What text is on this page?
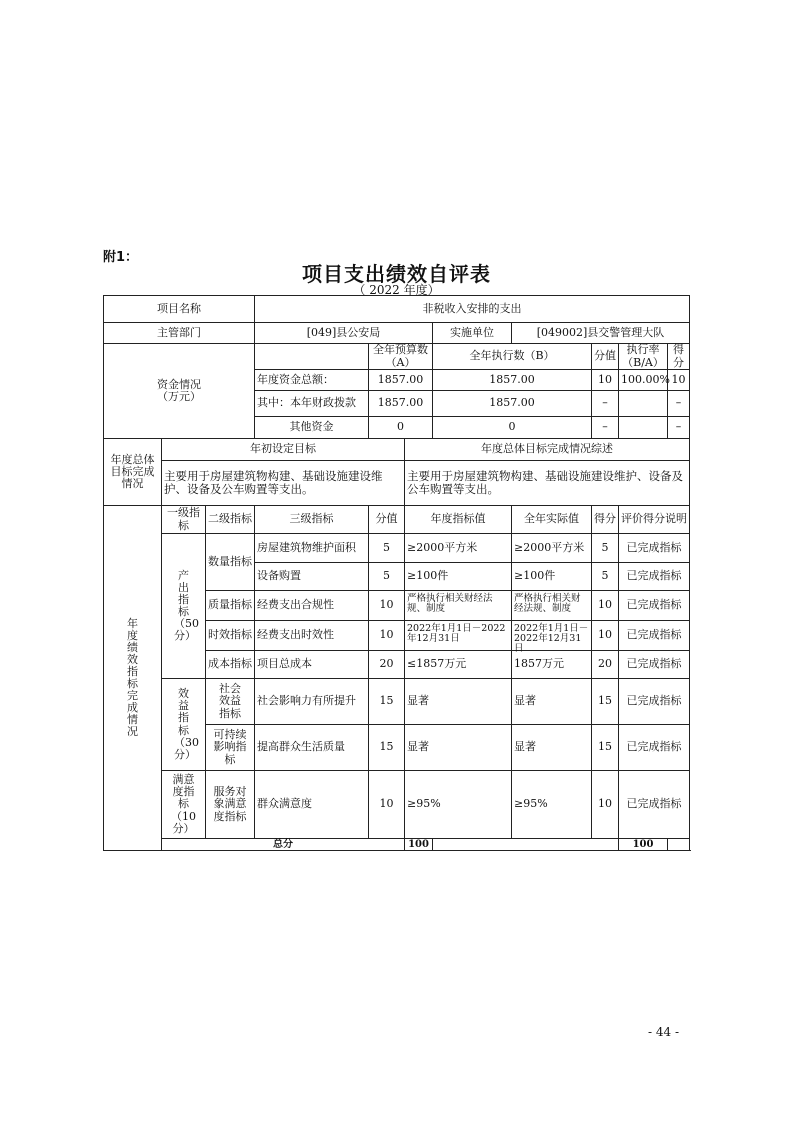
附1：
项目支出绩效自评表
（ 2022 年度）
项目名称			非税收入安排的支出							
主管部门			[049]县公安局			实施单位	[049002]县交警管理大队			
资金情况
（万元）				全年预算数（A）		全年执行数（B）		分值	执行率（B/A）	得分
			年度资金总额：	1857.00		1857.00		10	100.00%	10
			其中：本年财政拨款	1857.00		1857.00		–		–
			其他资金	0		0		–		–
年度总体目标完成情况	年初设定目标				年度总体目标完成情况综述					
	主要用于房屋建筑物构建、基础设施建设维护、设备及公车购置等支出。				主要用于房屋建筑物构建、基础设施建设维护、设备及公车购置等支出。					
年度绩效指标完成情况	一级指标	二级指标	三级指标	分值	年度指标值		全年实际值	得分	评价得分说明	
	产出指标（50分）	数量指标	房屋建筑物维护面积	5	≥2000平方米		≥2000平方米	5	已完成指标	
			设备购置	5	≥100件		≥100件	5	已完成指标	
		质量指标	经费支出合规性	10	严格执行相关财经法规、制度		严格执行相关财经法规、制度	10	已完成指标	
		时效指标	经费支出时效性	10	2022年1月1日－2022年12月31日		2022年1月1日－2022年12月31日	10	已完成指标	
		成本指标	项目总成本	20	≤1857万元		1857万元	20	已完成指标	
	效益指标（30分）	社会效益指标	社会影响力有所提升	15	显著		显著	15	已完成指标	
		可持续影响指标	提高群众生活质量	15	显著		显著	15	已完成指标	
	满意度指标（10分）	服务对象满意度指标	群众满意度	10	≥95%		≥95%	10	已完成指标	
	总分				100				100	
- 44 -
